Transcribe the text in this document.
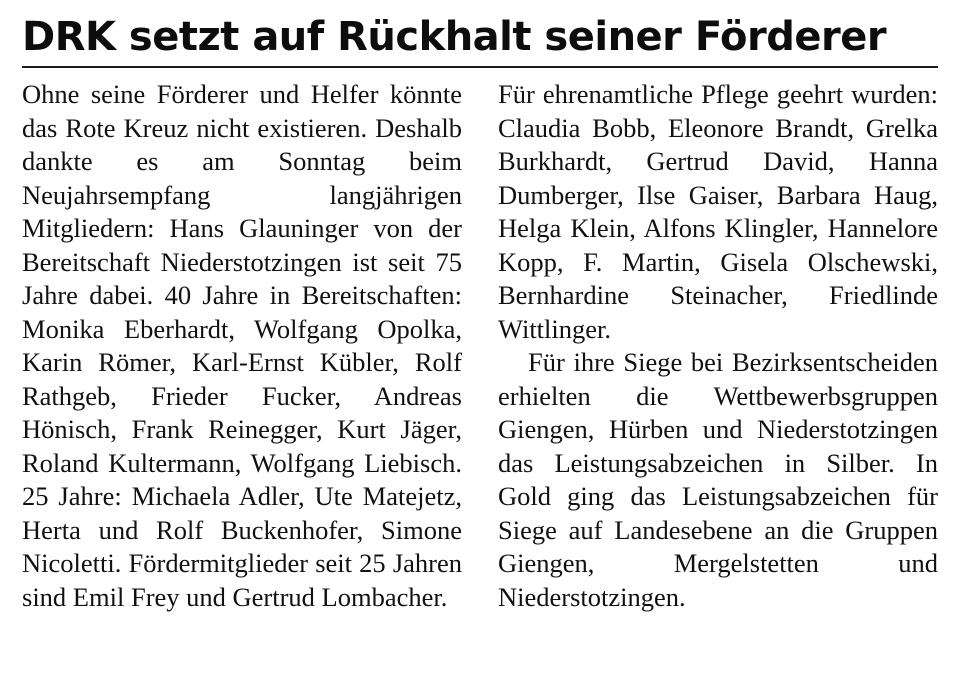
DRK setzt auf Rückhalt seiner Förderer

Ohne seine Förderer und Helfer könnte das Rote Kreuz nicht existieren. Deshalb dankte es am Sonntag beim Neujahrsempfang langjährigen Mitgliedern: Hans Glauninger von der Bereitschaft Niederstotzingen ist seit 75 Jahre dabei. 40 Jahre in Bereitschaften: Monika Eberhardt, Wolfgang Opolka, Karin Römer, Karl-Ernst Kübler, Rolf Rathgeb, Frieder Fucker, Andreas Hönisch, Frank Reinegger, Kurt Jäger, Roland Kultermann, Wolfgang Liebisch. 25 Jahre: Michaela Adler, Ute Matejetz, Herta und Rolf Buckenhofer, Simone Nicoletti. Fördermitglieder seit 25 Jahren sind Emil Frey und Gertrud Lombacher.

Für ehrenamtliche Pflege geehrt wurden: Claudia Bobb, Eleonore Brandt, Grelka Burkhardt, Gertrud David, Hanna Dumberger, Ilse Gaiser, Barbara Haug, Helga Klein, Alfons Klingler, Hannelore Kopp, F. Martin, Gisela Olschewski, Bernhardine Steinacher, Friedlinde Wittlinger.

Für ihre Siege bei Bezirksentscheiden erhielten die Wettbewerbsgruppen Giengen, Hürben und Niederstotzingen das Leistungsabzeichen in Silber. In Gold ging das Leistungsabzeichen für Siege auf Landesebene an die Gruppen Giengen, Mergelstetten und Niederstotzingen.
